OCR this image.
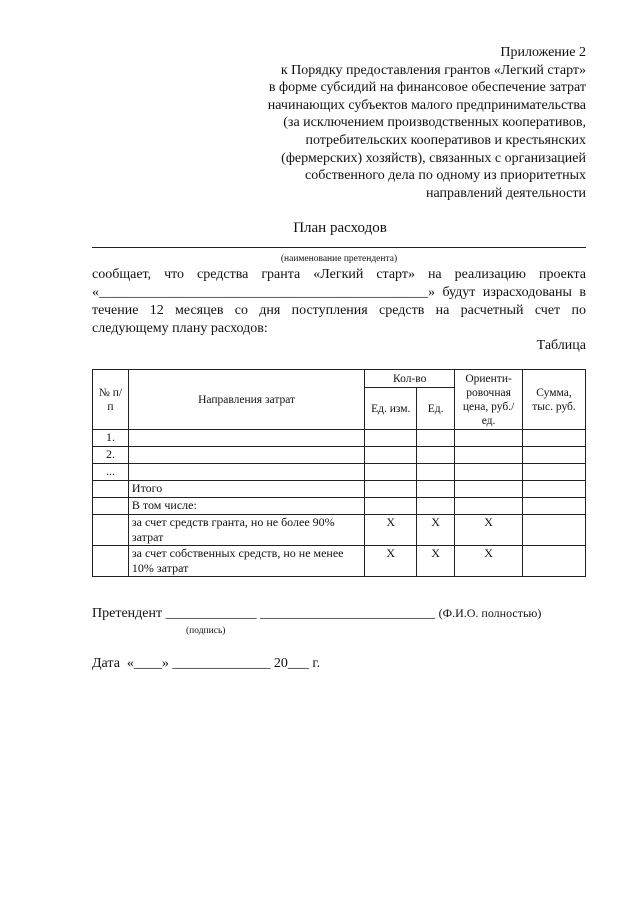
Приложение 2
к Порядку предоставления грантов «Легкий старт»
в форме субсидий на финансовое обеспечение затрат
начинающих субъектов малого предпринимательства
(за исключением производственных кооперативов,
потребительских кооперативов и крестьянских
(фермерских) хозяйств), связанных с организацией
собственного дела по одному из приоритетных
направлений деятельности
План расходов
(наименование претендента)
сообщает, что средства гранта «Легкий старт» на реализацию проекта
«_______________________________________________» будут израсходованы в
течение 12 месяцев со дня поступления средств на расчетный счет по
следующему плану расходов:
Таблица
№ п/п	Направления затрат	Кол-во		Ориенти-ровочная цена, руб./ед.	Сумма, тыс. руб.
		Ед. изм.	Ед.		
1.					
2.					
...					
	Итого				
	В том числе:				
	за счет средств гранта, но не более 90% затрат	Х	Х	Х	
	за счет собственных средств, но не менее 10% затрат	Х	Х	Х	
Претендент _____________ _________________________ (Ф.И.О. полностью)
(подпись)
Дата «____» ______________ 20___ г.
